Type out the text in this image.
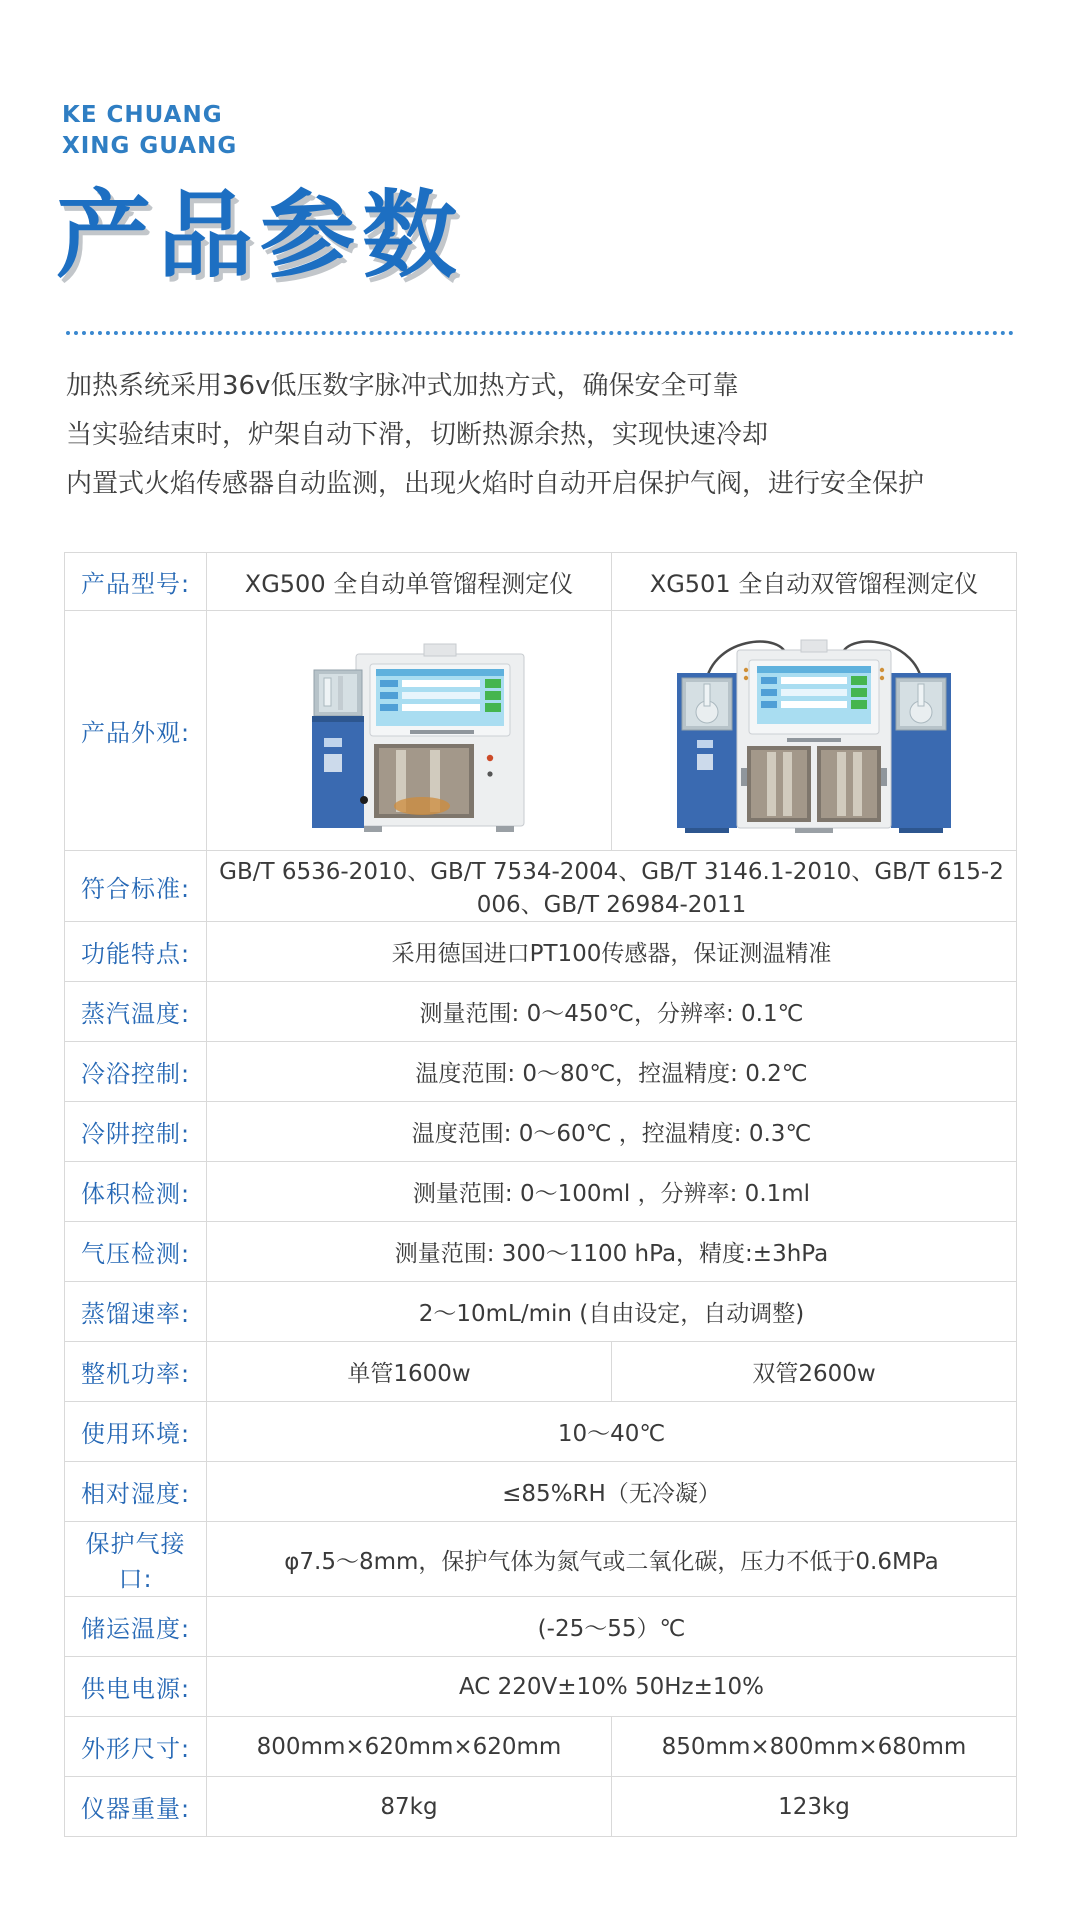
KE CHUANG
XING GUANG
产品参数

加热系统采用36v低压数字脉冲式加热方式，确保安全可靠

当实验结束时，炉架自动下滑，切断热源余热，实现快速冷却

内置式火焰传感器自动监测，出现火焰时自动开启保护气阀，进行安全保护

产品型号:	XG500 全自动单管馏程测定仪	XG501 全自动双管馏程测定仪
产品外观:		
符合标准:	GB/T 6536-2010、GB/T 7534-2004、GB/T 3146.1-2010、GB/T 615-2006、GB/T 26984-2011	
功能特点:	采用德国进口PT100传感器，保证测温精准	
蒸汽温度:	测量范围: 0～450℃，分辨率: 0.1℃	
冷浴控制:	温度范围: 0～80℃，控温精度: 0.2℃	
冷阱控制:	温度范围: 0～60℃ ，控温精度: 0.3℃	
体积检测:	测量范围: 0～100ml ，分辨率: 0.1ml	
气压检测:	测量范围: 300～1100 hPa，精度:±3hPa	
蒸馏速率:	2～10mL/min (自由设定，自动调整)	
整机功率:	单管1600w	双管2600w
使用环境:	10～40℃	
相对湿度:	≤85%RH（无冷凝）	
保护气接口:	φ7.5～8mm，保护气体为氮气或二氧化碳，压力不低于0.6MPa	
储运温度:	(-25～55）℃	
供电电源:	AC 220V±10% 50Hz±10%	
外形尺寸:	800mm×620mm×620mm	850mm×800mm×680mm
仪器重量:	87kg	123kg
